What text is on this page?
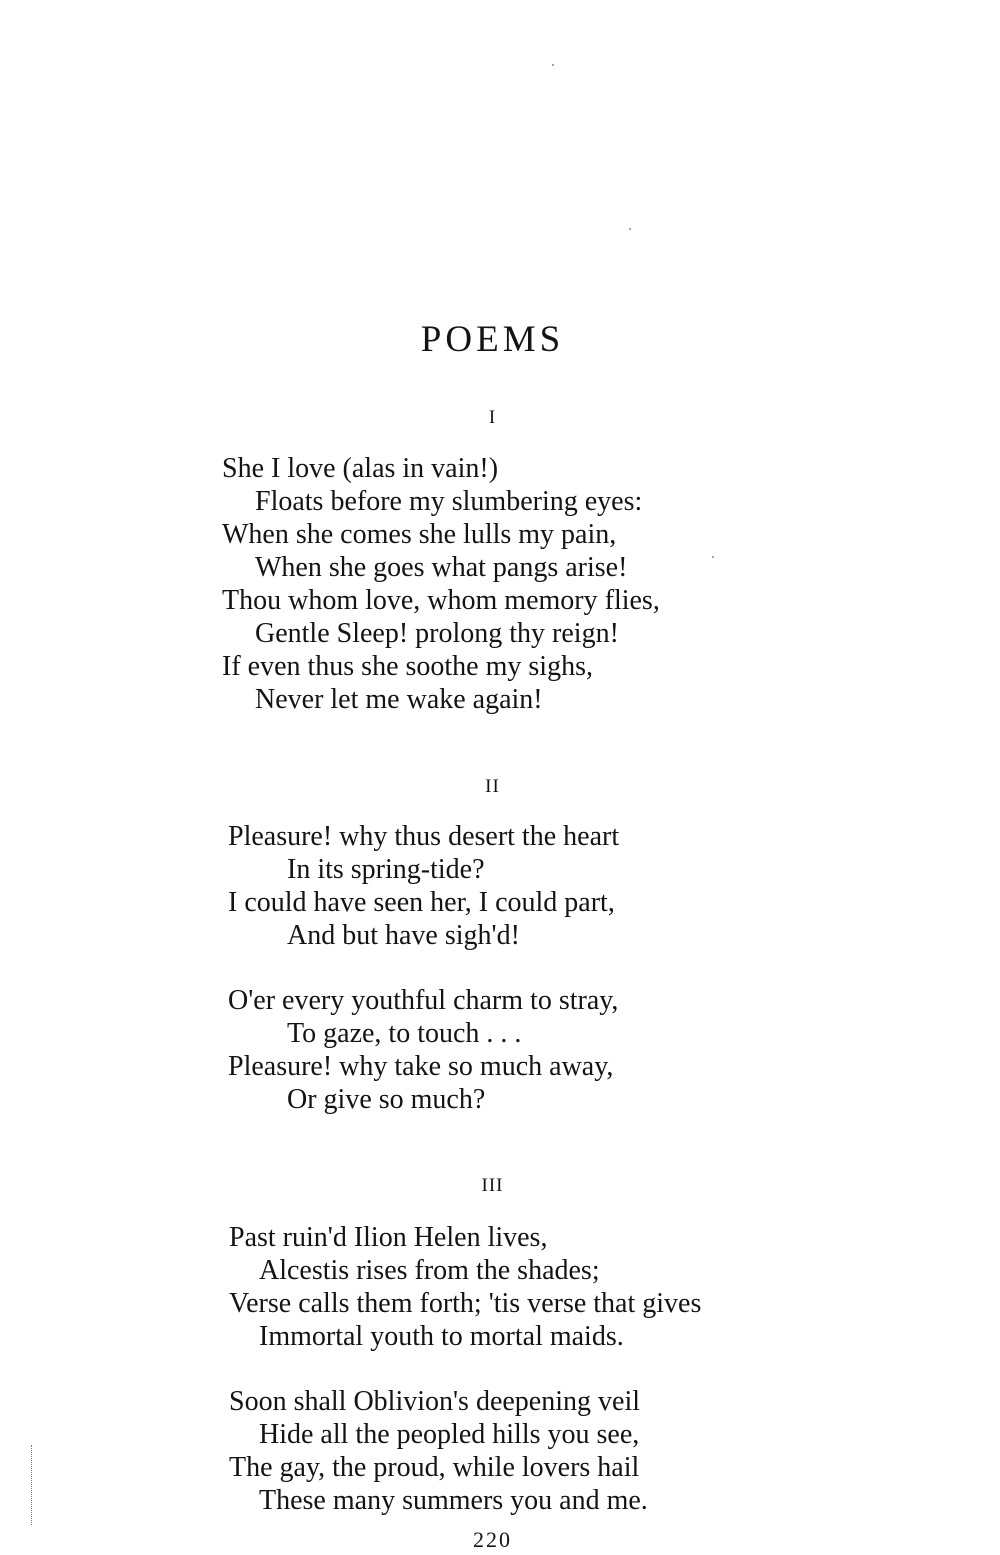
POEMS
I
She I love (alas in vain!)
Floats before my slumbering eyes:
When she comes she lulls my pain,
When she goes what pangs arise!
Thou whom love, whom memory flies,
Gentle Sleep! prolong thy reign!
If even thus she soothe my sighs,
Never let me wake again!
II
Pleasure! why thus desert the heart
In its spring-tide?
I could have seen her, I could part,
And but have sigh'd!
O'er every youthful charm to stray,
To gaze, to touch . . .
Pleasure! why take so much away,
Or give so much?
III
Past ruin'd Ilion Helen lives,
Alcestis rises from the shades;
Verse calls them forth; 'tis verse that gives
Immortal youth to mortal maids.
Soon shall Oblivion's deepening veil
Hide all the peopled hills you see,
The gay, the proud, while lovers hail
These many summers you and me.
220
